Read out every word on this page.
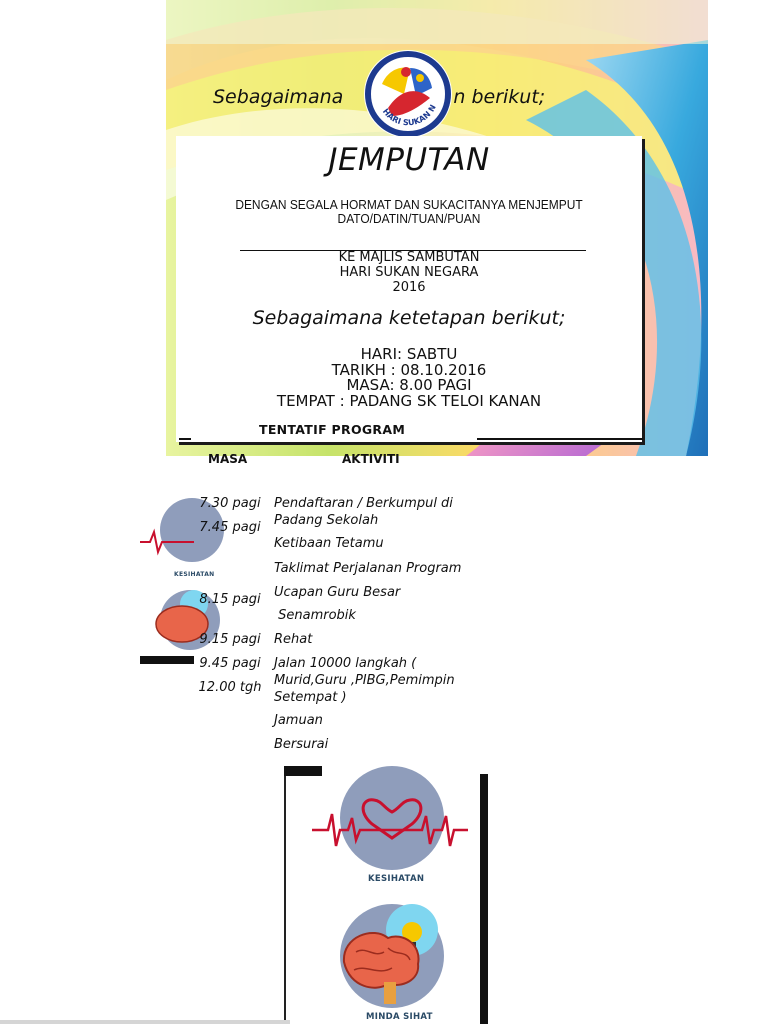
Sebagaimana	n berikut;
HARI SUKAN N
JEMPUTAN
DENGAN SEGALA HORMAT DAN SUKACITANYA MENJEMPUT
DATO/DATIN/TUAN/PUAN
KE MAJLIS SAMBUTAN
HARI SUKAN NEGARA
2016
Sebagaimana ketetapan berikut;
HARI: SABTU
TARIKH : 08.10.2016
MASA: 8.00 PAGI
TEMPAT : PADANG SK TELOI KANAN
TENTATIF PROGRAM
MASA	AKTIVITI
KESIHATAN
7.30 pagi
7.45 pagi
8.15 pagi
9.15 pagi
9.45 pagi
12.00 tgh
Pendaftaran / Berkumpul di Padang Sekolah
Ketibaan Tetamu
Taklimat Perjalanan Program
Ucapan Guru Besar
Senamrobik
Rehat
Jalan 10000 langkah ( Murid,Guru ,PIBG,Pemimpin Setempat )
Jamuan
Bersurai
KESIHATAN
MINDA SIHAT
